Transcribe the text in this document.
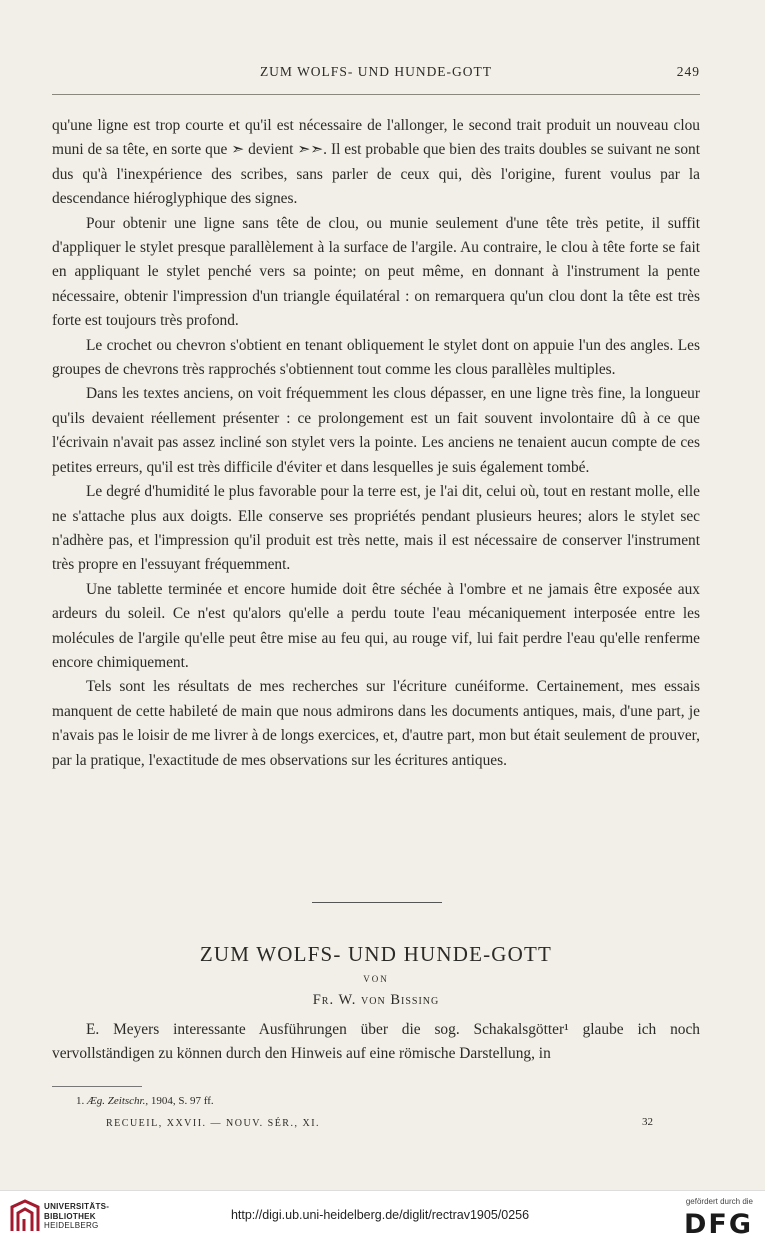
ZUM WOLFS- UND HUNDE-GOTT	249

qu'une ligne est trop courte et qu'il est nécessaire de l'allonger, le second trait produit un nouveau clou muni de sa tête, en sorte que ➣ devient ➣➣. Il est probable que bien des traits doubles se suivant ne sont dus qu'à l'inexpérience des scribes, sans parler de ceux qui, dès l'origine, furent voulus par la descendance hiéroglyphique des signes.

Pour obtenir une ligne sans tête de clou, ou munie seulement d'une tête très petite, il suffit d'appliquer le stylet presque parallèlement à la surface de l'argile. Au contraire, le clou à tête forte se fait en appliquant le stylet penché vers sa pointe; on peut même, en donnant à l'instrument la pente nécessaire, obtenir l'impression d'un triangle équilatéral : on remarquera qu'un clou dont la tête est très forte est toujours très profond.

Le crochet ou chevron s'obtient en tenant obliquement le stylet dont on appuie l'un des angles. Les groupes de chevrons très rapprochés s'obtiennent tout comme les clous parallèles multiples.

Dans les textes anciens, on voit fréquemment les clous dépasser, en une ligne très fine, la longueur qu'ils devaient réellement présenter : ce prolongement est un fait souvent involontaire dû à ce que l'écrivain n'avait pas assez incliné son stylet vers la pointe. Les anciens ne tenaient aucun compte de ces petites erreurs, qu'il est très difficile d'éviter et dans lesquelles je suis également tombé.

Le degré d'humidité le plus favorable pour la terre est, je l'ai dit, celui où, tout en restant molle, elle ne s'attache plus aux doigts. Elle conserve ses propriétés pendant plusieurs heures; alors le stylet sec n'adhère pas, et l'impression qu'il produit est très nette, mais il est nécessaire de conserver l'instrument très propre en l'essuyant fréquemment.

Une tablette terminée et encore humide doit être séchée à l'ombre et ne jamais être exposée aux ardeurs du soleil. Ce n'est qu'alors qu'elle a perdu toute l'eau mécaniquement interposée entre les molécules de l'argile qu'elle peut être mise au feu qui, au rouge vif, lui fait perdre l'eau qu'elle renferme encore chimiquement.

Tels sont les résultats de mes recherches sur l'écriture cunéiforme. Certainement, mes essais manquent de cette habileté de main que nous admirons dans les documents antiques, mais, d'une part, je n'avais pas le loisir de me livrer à de longs exercices, et, d'autre part, mon but était seulement de prouver, par la pratique, l'exactitude de mes observations sur les écritures antiques.

ZUM WOLFS- UND HUNDE-GOTT
VON
Fr. W. von Bissing

E. Meyers interessante Ausführungen über die sog. Schakalsgötter¹ glaube ich noch vervollständigen zu können durch den Hinweis auf eine römische Darstellung, in

1. Æg. Zeitschr., 1904, S. 97 ff.
RECUEIL, XXVII. — NOUV. SÉR., XI.	32
UNIVERSITÄTS-
BIBLIOTHEK
HEIDELBERG
http://digi.ub.uni-heidelberg.de/diglit/rectrav1905/0256
gefördert durch die
DFG
